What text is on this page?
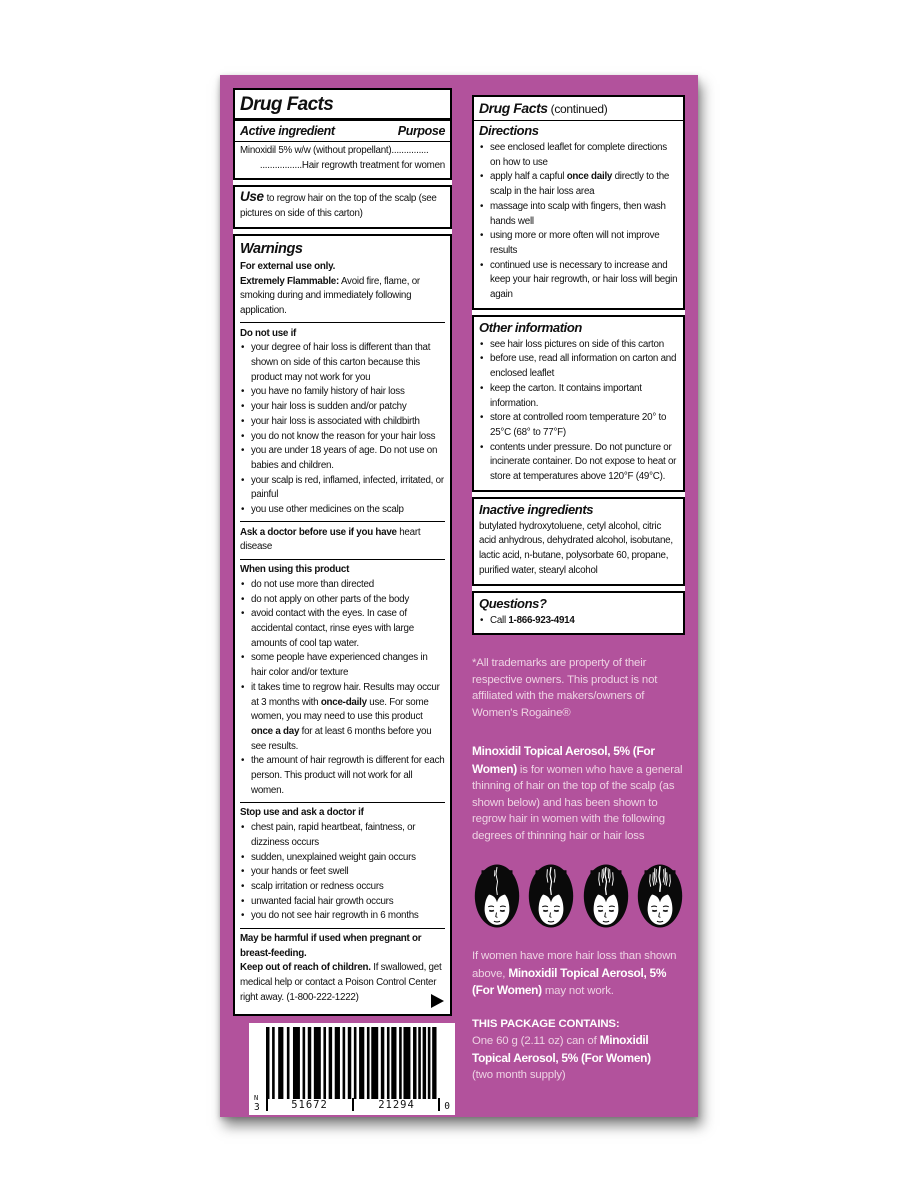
Drug Facts
Active ingredient	Purpose
Minoxidil 5% w/w (without propellant)...............
.................Hair regrowth treatment for women
Use to regrow hair on the top of the scalp (see pictures on side of this carton)
Warnings

For external use only.

Extremely Flammable: Avoid fire, flame, or smoking during and immediately following application.

Do not use if

• your degree of hair loss is different than that shown on side of this carton because this product may not work for you
• you have no family history of hair loss
• your hair loss is sudden and/or patchy
• your hair loss is associated with childbirth
• you do not know the reason for your hair loss
• you are under 18 years of age. Do not use on babies and children.
• your scalp is red, inflamed, infected, irritated, or painful
• you use other medicines on the scalp

Ask a doctor before use if you have heart disease

When using this product

• do not use more than directed
• do not apply on other parts of the body
• avoid contact with the eyes. In case of accidental contact, rinse eyes with large amounts of cool tap water.
• some people have experienced changes in hair color and/or texture
• it takes time to regrow hair. Results may occur at 3 months with once-daily use. For some women, you may need to use this product once a day for at least 6 months before you see results.
• the amount of hair regrowth is different for each person. This product will not work for all women.

Stop use and ask a doctor if

• chest pain, rapid heartbeat, faintness, or dizziness occurs
• sudden, unexplained weight gain occurs
• your hands or feet swell
• scalp irritation or redness occurs
• unwanted facial hair growth occurs
• you do not see hair regrowth in 6 months

May be harmful if used when pregnant or breast-feeding.

Keep out of reach of children. If swallowed, get medical help or contact a Poison Control Center right away. (1-800-222-1222)

N
3	51672	21294	0
Drug Facts (continued)
Directions
• see enclosed leaflet for complete directions on how to use
• apply half a capful once daily directly to the scalp in the hair loss area
• massage into scalp with fingers, then wash hands well
• using more or more often will not improve results
• continued use is necessary to increase and keep your hair regrowth, or hair loss will begin again
Other information
• see hair loss pictures on side of this carton
• before use, read all information on carton and enclosed leaflet
• keep the carton. It contains important information.
• store at controlled room temperature 20° to 25°C (68° to 77°F)
• contents under pressure. Do not puncture or incinerate container. Do not expose to heat or store at temperatures above 120°F (49°C).
Inactive ingredients

butylated hydroxytoluene, cetyl alcohol, citric acid anhydrous, dehydrated alcohol, isobutane, lactic acid, n-butane, polysorbate 60, propane, purified water, stearyl alcohol

Questions?
• Call 1-866-923-4914

*All trademarks are property of their respective owners. This product is not affiliated with the makers/owners of Women's Rogaine®

Minoxidil Topical Aerosol, 5% (For Women) is for women who have a general thinning of hair on the top of the scalp (as shown below) and has been shown to regrow hair in women with the following degrees of thinning hair or hair loss

If women have more hair loss than shown above, Minoxidil Topical Aerosol, 5% (For Women) may not work.

THIS PACKAGE CONTAINS:

One 60 g (2.11 oz) can of Minoxidil Topical Aerosol, 5% (For Women)

(two month supply)
